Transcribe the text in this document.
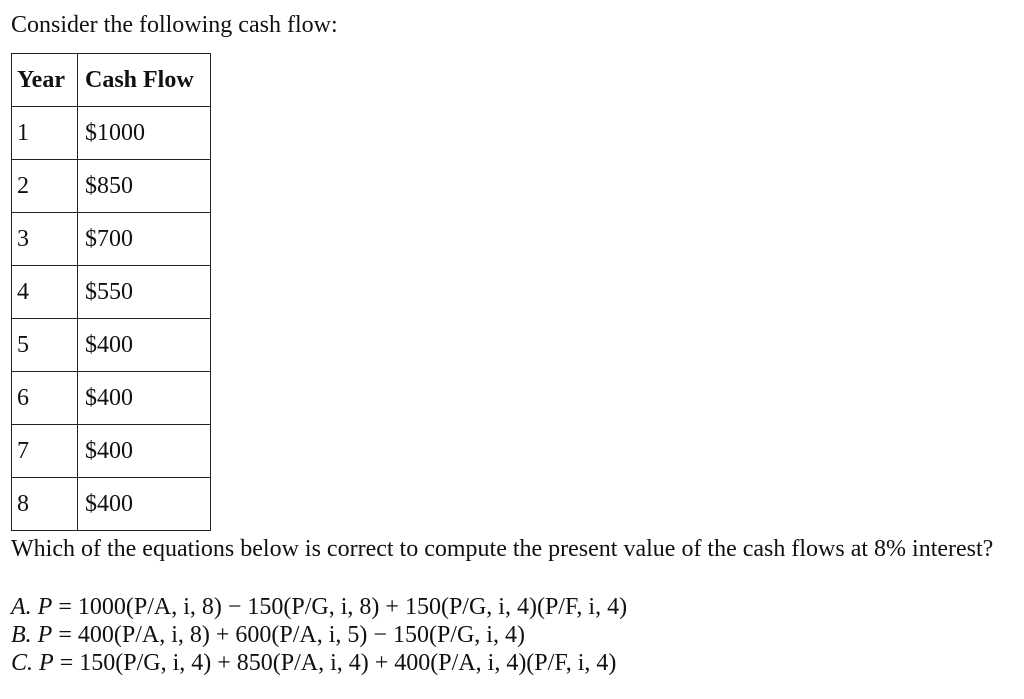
Consider the following cash flow:
Year	Cash Flow
1	$1000
2	$850
3	$700
4	$550
5	$400
6	$400
7	$400
8	$400
Which of the equations below is correct to compute the present value of the cash flows at 8% interest?
A. P = 1000(P/A, i, 8) − 150(P/G, i, 8) + 150(P/G, i, 4)(P/F, i, 4)
B. P = 400(P/A, i, 8) + 600(P/A, i, 5) − 150(P/G, i, 4)
C. P = 150(P/G, i, 4) + 850(P/A, i, 4) + 400(P/A, i, 4)(P/F, i, 4)
